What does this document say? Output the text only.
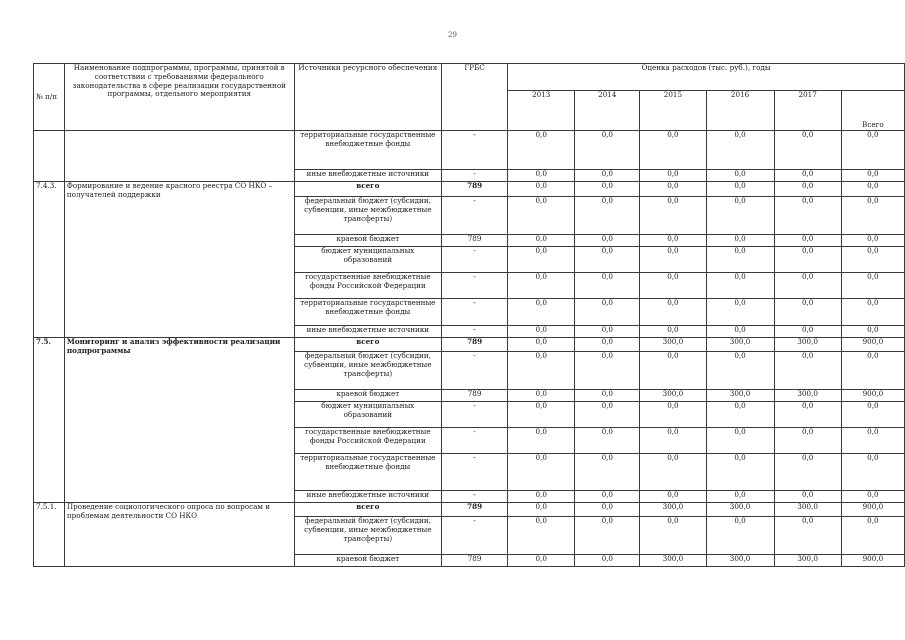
29
№ п/п	Наименование подпрограммы, программы, принятой в соответствии с требованиями федерального законодательства в сфере реализации государственной программы, отдельного мероприятия	Источники ресурсного обеспечения	ГРБС	Оценка расходов (тыс. руб.), годы					
				2013	2014	2015	2016	2017	Всего
		территориальные государственные внебюджетные фонды	-	0,0	0,0	0,0	0,0	0,0	0,0
		иные внебюджетные источники	-	0,0	0,0	0,0	0,0	0,0	0,0
7.4.3.	Формирование и ведение красного реестра СО НКО – получателей поддержки	всего	789	0,0	0,0	0,0	0,0	0,0	0,0
		федеральный бюджет (субсидии, субвенции, иные межбюджетные трансферты)	-	0,0	0,0	0,0	0,0	0,0	0,0
		краевой бюджет	789	0,0	0,0	0,0	0,0	0,0	0,0
		бюджет муниципальных образований	-	0,0	0,0	0,0	0,0	0,0	0,0
		государственные внебюджетные фонды Российской Федерации	-	0,0	0,0	0,0	0,0	0,0	0,0
		территориальные государственные внебюджетные фонды	-	0,0	0,0	0,0	0,0	0,0	0,0
		иные внебюджетные источники	-	0,0	0,0	0,0	0,0	0,0	0,0
7.5.	Мониторинг и анализ эффективности реализации подпрограммы	всего	789	0,0	0,0	300,0	300,0	300,0	900,0
		федеральный бюджет (субсидии, субвенции, иные межбюджетные трансферты)	-	0,0	0,0	0,0	0,0	0,0	0,0
		краевой бюджет	789	0,0	0,0	300,0	300,0	300,0	900,0
		бюджет муниципальных образований	-	0,0	0,0	0,0	0,0	0,0	0,0
		государственные внебюджетные фонды Российской Федерации	-	0,0	0,0	0,0	0,0	0,0	0,0
		территориальные государственные внебюджетные фонды	-	0,0	0,0	0,0	0,0	0,0	0,0
		иные внебюджетные источники	-	0,0	0,0	0,0	0,0	0,0	0,0
7.5.1.	Проведение социологического опроса по вопросам и проблемам деятельности СО НКО	всего	789	0,0	0,0	300,0	300,0	300,0	900,0
		федеральный бюджет (субсидии, субвенции, иные межбюджетные трансферты)	-	0,0	0,0	0,0	0,0	0,0	0,0
		краевой бюджет	789	0,0	0,0	300,0	300,0	300,0	900,0
